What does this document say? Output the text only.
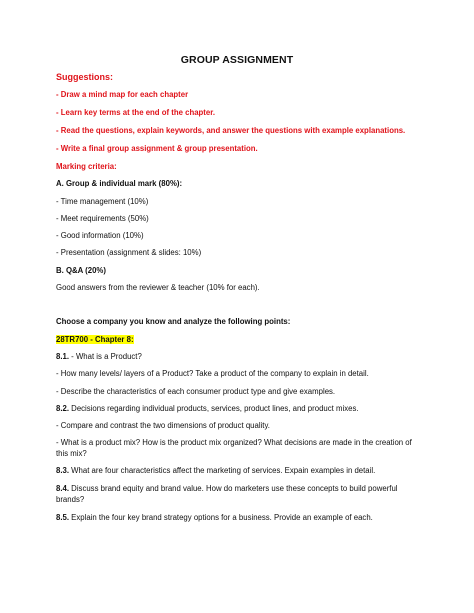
GROUP ASSIGNMENT
Suggestions:
- Draw a mind map for each chapter
- Learn key terms at the end of the chapter.
- Read the questions, explain keywords, and answer the questions with example explanations.
- Write a final group assignment & group presentation.
Marking criteria:
A. Group & individual mark (80%):
- Time management (10%)
- Meet requirements (50%)
- Good information (10%)
- Presentation (assignment & slides: 10%)
B. Q&A (20%)
Good answers from the reviewer & teacher (10% for each).
Choose a company you know and analyze the following points:
28TR700 - Chapter 8:
8.1. - What is a Product?
- How many levels/ layers of a Product? Take a product of the company to explain in detail.
- Describe the characteristics of each consumer product type and give examples.
8.2. Decisions regarding individual products, services, product lines, and product mixes.
- Compare and contrast the two dimensions of product quality.
- What is a product mix? How is the product mix organized? What decisions are made in the creation of this mix?
8.3. What are four characteristics affect the marketing of services. Expain examples in detail.
8.4. Discuss brand equity and brand value. How do marketers use these concepts to build powerful brands?
8.5. Explain the four key brand strategy options for a business. Provide an example of each.
